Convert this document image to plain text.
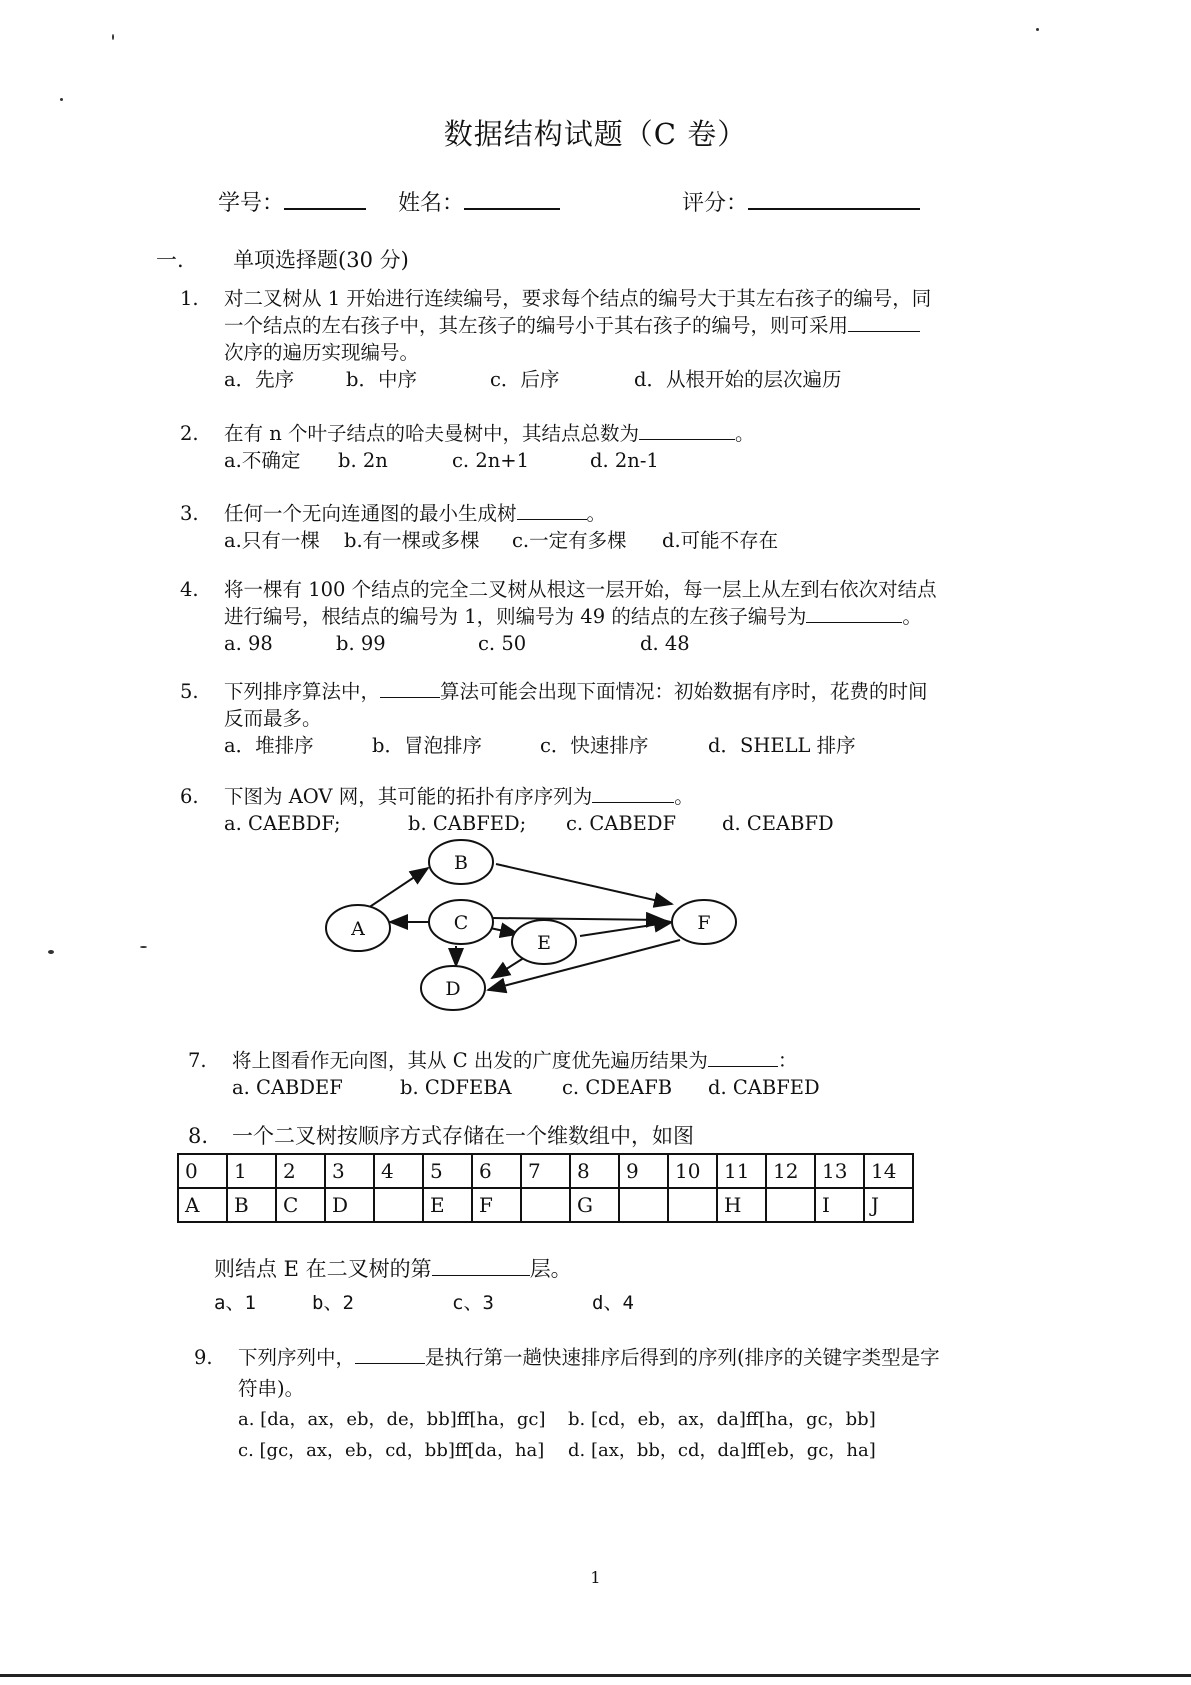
数据结构试题（C 卷）
学号：	姓名：	评分：
一. 单项选择题(30 分)
1. 对二叉树从 1 开始进行连续编号，要求每个结点的编号大于其左右孩子的编号，同
一个结点的左右孩子中，其左孩子的编号小于其右孩子的编号，则可采用
次序的遍历实现编号。
a．先序	b．中序	c．后序	d．从根开始的层次遍历
2. 在有 n 个叶子结点的哈夫曼树中，其结点总数为	。
a.不确定	b. 2n	c. 2n+1	d. 2n-1
3. 任何一个无向连通图的最小生成树	。
a.只有一棵	b.有一棵或多棵	c.一定有多棵	d.可能不存在
4. 将一棵有 100 个结点的完全二叉树从根这一层开始，每一层上从左到右依次对结点
进行编号，根结点的编号为 1，则编号为 49 的结点的左孩子编号为	。
a. 98	b. 99	c. 50	d. 48
5. 下列排序算法中，	算法可能会出现下面情况：初始数据有序时，花费的时间
反而最多。
a．堆排序	b．冒泡排序	c．快速排序	d．SHELL 排序
6. 下图为 AOV 网，其可能的拓扑有序序列为	。
a. CAEBDF;	b. CABFED;	c. CABEDF	d. CEABFD
A
B
C
D
E
F
7. 将上图看作无向图，其从 C 出发的广度优先遍历结果为	：
a. CABDEF	b. CDFEBA	c. CDEAFB	d. CABFED
8. 一个二叉树按顺序方式存储在一个维数组中，如图
0	1	2	3	4	5	6	7	8	9	10	11	12	13	14
A	B	C	D		E	F		G			H		I	J
则结点 E 在二叉树的第	层。
a、1	b、2	c、3	d、4
9. 下列序列中，	是执行第一趟快速排序后得到的序列(排序的关键字类型是字
符串)。
a. [da，ax，eb，de，bb]ff[ha，gc]	b. [cd，eb，ax，da]ff[ha，gc，bb]
c. [gc，ax，eb，cd，bb]ff[da，ha]	d. [ax，bb，cd，da]ff[eb，gc，ha]
1
